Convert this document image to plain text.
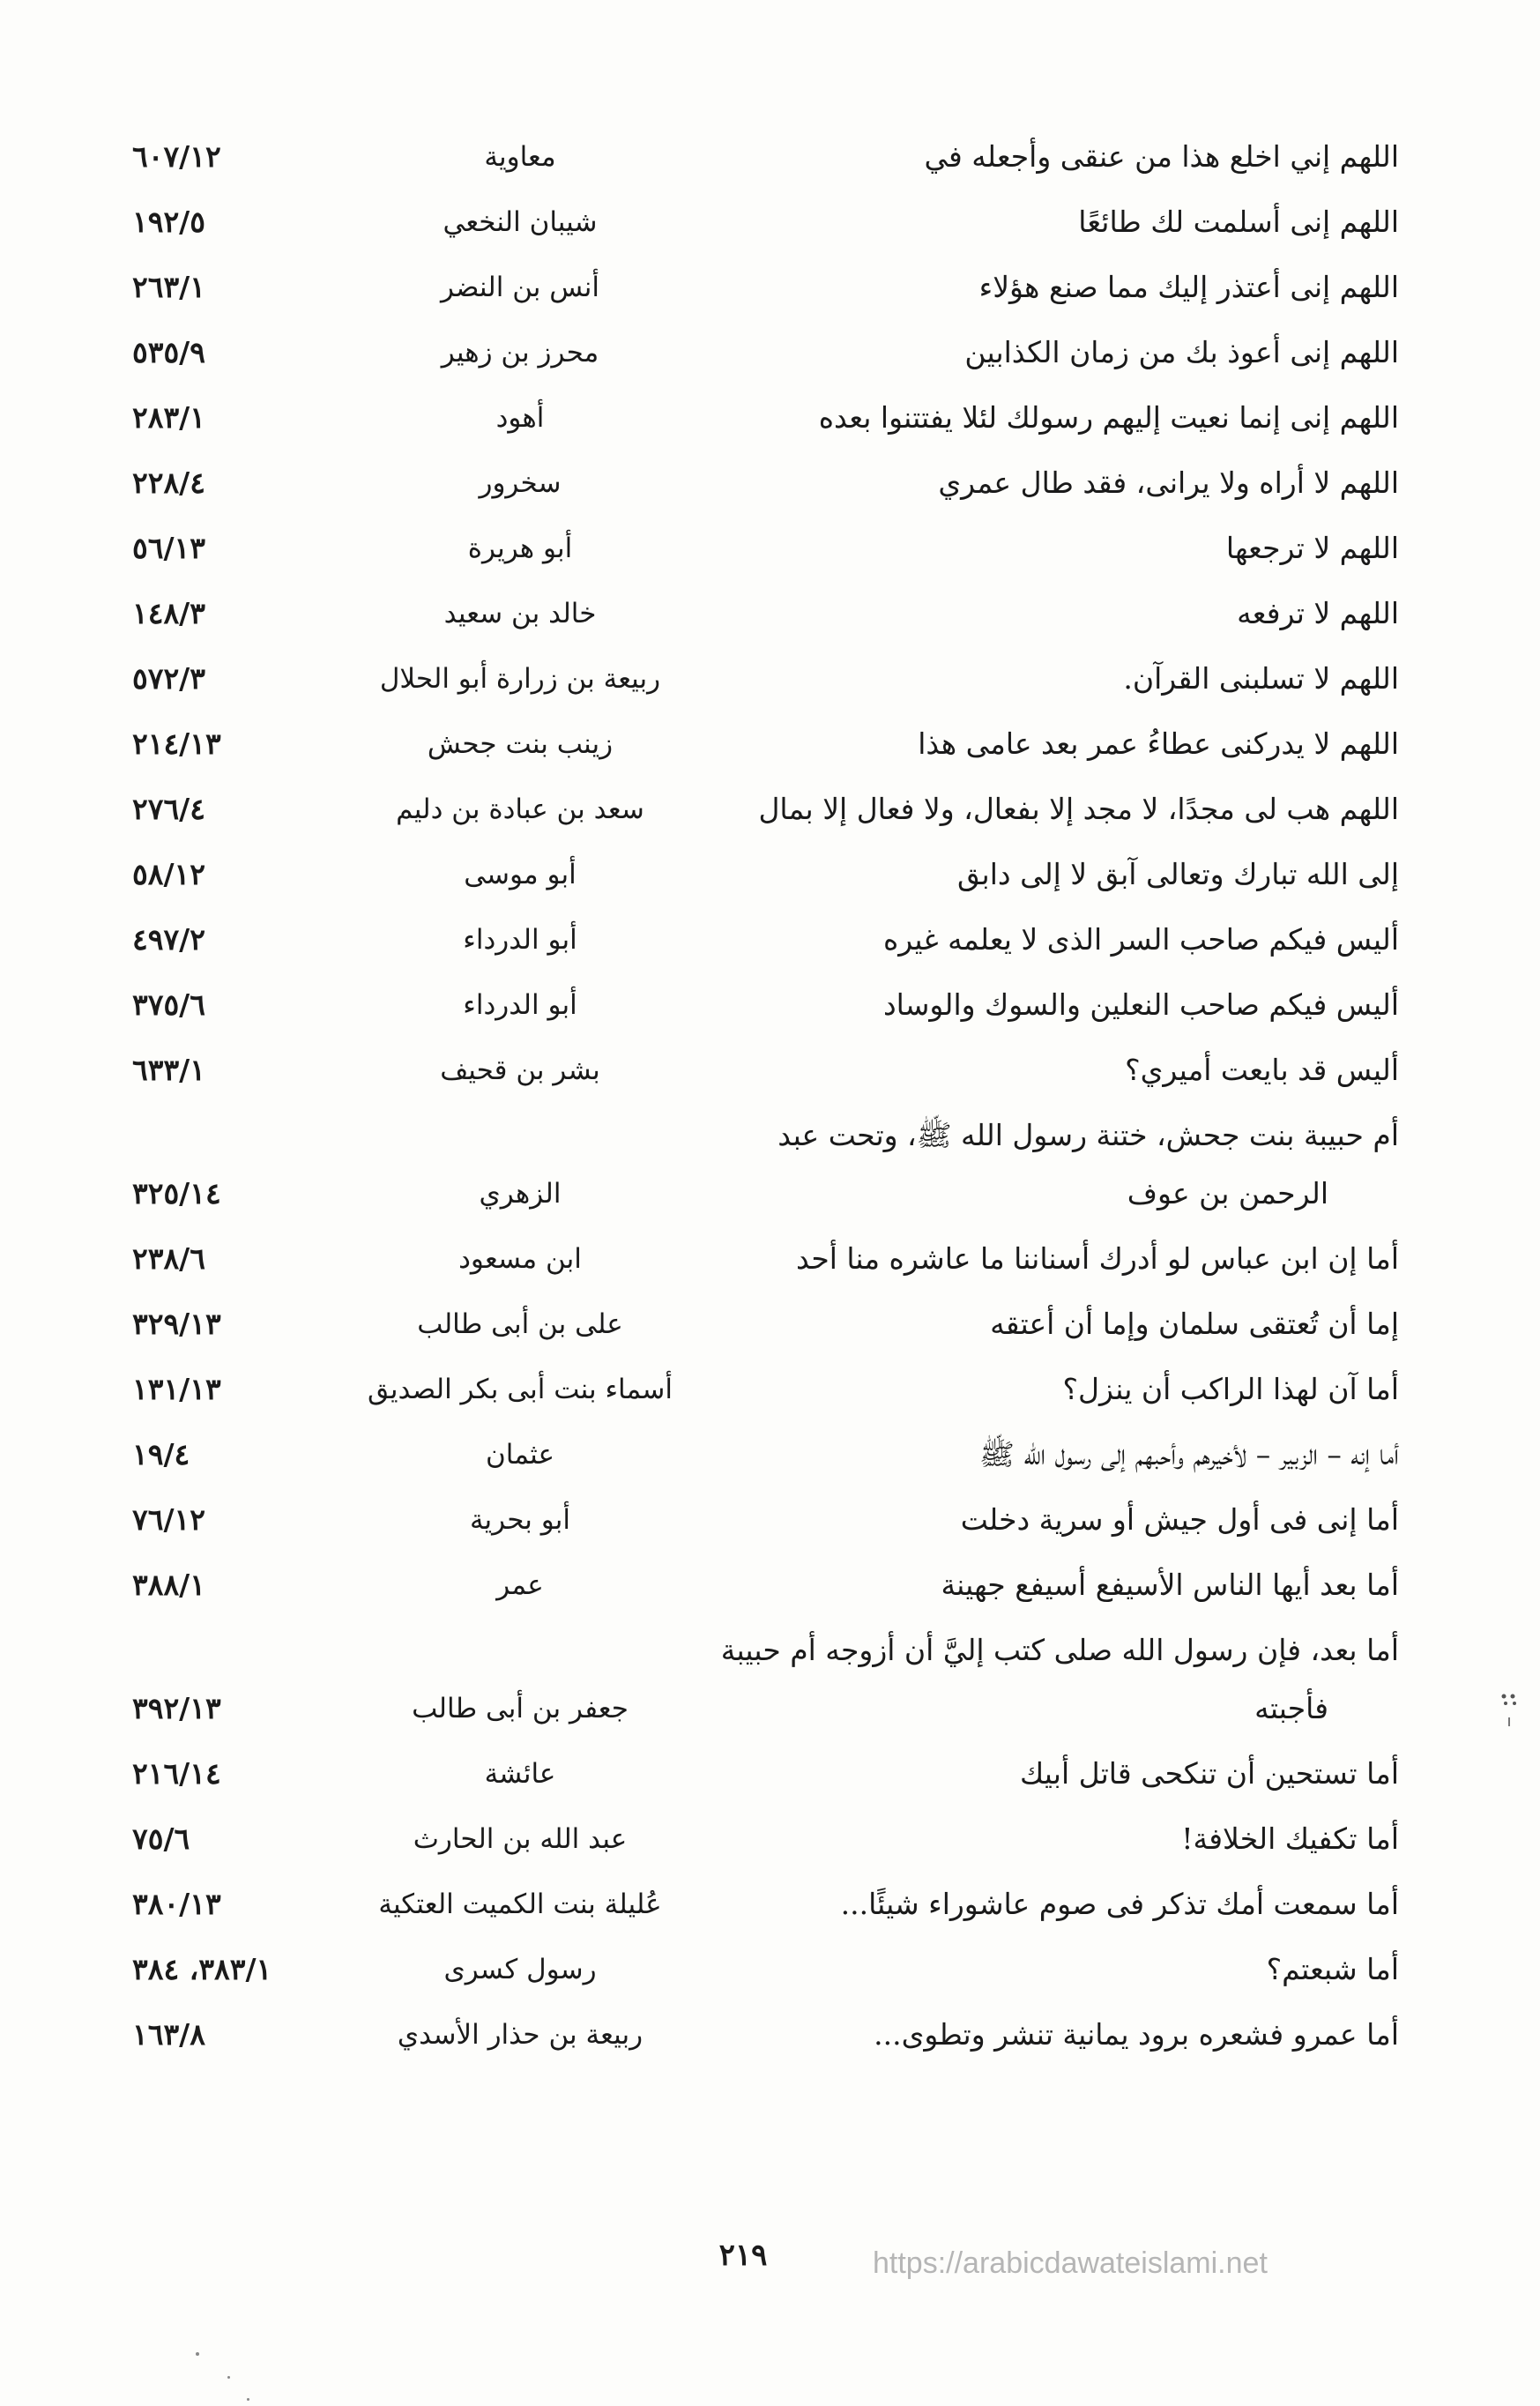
اللهم إني اخلع هذا من عنقى وأجعله في
معاوية
٦٠٧/١٢
اللهم إنى أسلمت لك طائعًا
شيبان النخعي
١٩٢/٥
اللهم إنى أعتذر إليك مما صنع هؤلاء
أنس بن النضر
٢٦٣/١
اللهم إنى أعوذ بك من زمان الكذابين
محرز بن زهير
٥٣٥/٩
اللهم إنى إنما نعيت إليهم رسولك لئلا يفتتنوا بعده
أهود
٢٨٣/١
اللهم لا أراه ولا يرانى، فقد طال عمري
سخرور
٢٢٨/٤
اللهم لا ترجعها
أبو هريرة
٥٦/١٣
اللهم لا ترفعه
خالد بن سعيد
١٤٨/٣
اللهم لا تسلبنى القرآن.
ربيعة بن زرارة أبو الحلال
٥٧٢/٣
اللهم لا يدركنى عطاءُ عمر بعد عامى هذا
زينب بنت جحش
٢١٤/١٣
اللهم هب لى مجدًا، لا مجد إلا بفعال، ولا فعال إلا بمال
سعد بن عبادة بن دليم
٢٧٦/٤
إلى الله تبارك وتعالى آبق لا إلى دابق
أبو موسى
٥٨/١٢
أليس فيكم صاحب السر الذى لا يعلمه غيره
أبو الدرداء
٤٩٧/٢
أليس فيكم صاحب النعلين والسوك والوساد
أبو الدرداء
٣٧٥/٦
أليس قد بايعت أميري؟
بشر بن قحيف
٦٣٣/١
أم حبيبة بنت جحش، ختنة رسول الله ﷺ، وتحت عبد
الرحمن بن عوف
الزهري
٣٢٥/١٤
أما إن ابن عباس لو أدرك أسناننا ما عاشره منا أحد
ابن مسعود
٢٣٨/٦
إما أن تُعتقى سلمان وإما أن أعتقه
على بن أبى طالب
٣٢٩/١٣
أما آن لهذا الراكب أن ينزل؟
أسماء بنت أبى بكر الصديق
١٣١/١٣
أما إنه – الزبير – لأخيرهم وأحبهم إلى رسول الله ﷺ
عثمان
١٩/٤
أما إنى فى أول جيش أو سرية دخلت
أبو بحرية
٧٦/١٢
أما بعد أيها الناس الأسيفع أسيفع جهينة
عمر
٣٨٨/١
أما بعد، فإن رسول الله صلى كتب إليَّ أن أزوجه أم حبيبة
فأجبته
جعفر بن أبى طالب
٣٩٢/١٣
أما تستحين أن تنكحى قاتل أبيك
عائشة
٢١٦/١٤
أما تكفيك الخلافة!
عبد الله بن الحارث
٧٥/٦
أما سمعت أمك تذكر فى صوم عاشوراء شيئًا...
عُليلة بنت الكميت العتكية
٣٨٠/١٣
أما شبعتم؟
رسول كسرى
٣٨٣/١، ٣٨٤
أما عمرو فشعره برود يمانية تنشر وتطوى...
ربيعة بن حذار الأسدي
١٦٣/٨
٢١٩	https://arabicdawateislami.net
